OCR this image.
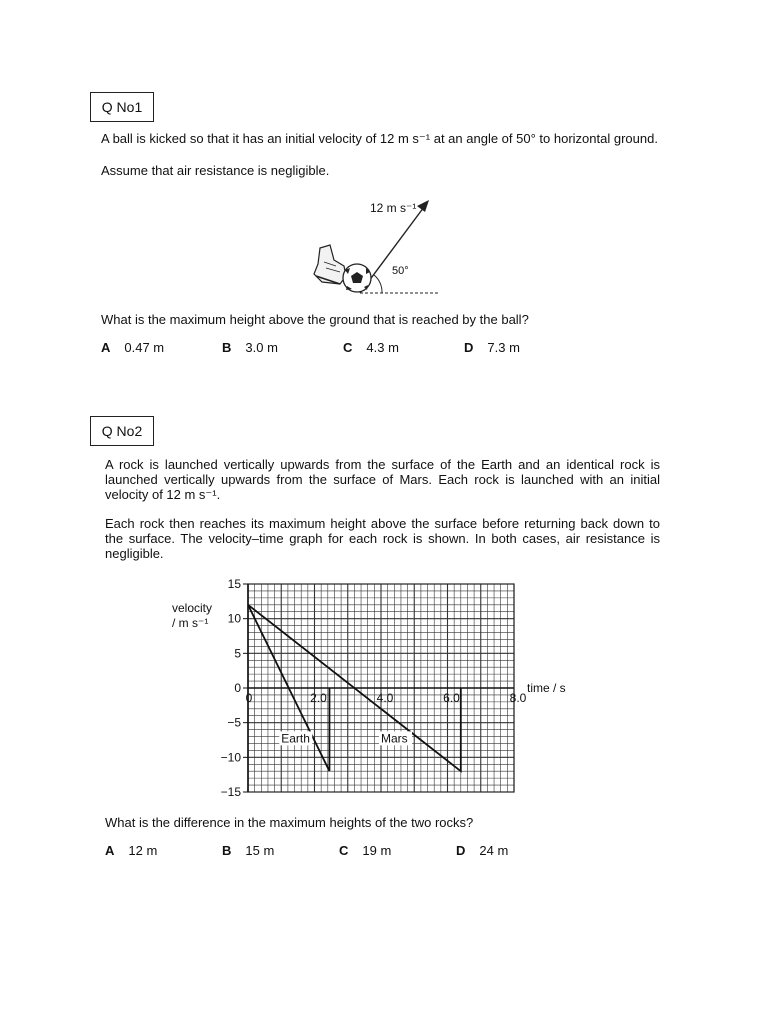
Q No1
A ball is kicked so that it has an initial velocity of 12 m s⁻¹ at an angle of 50° to horizontal ground.
Assume that air resistance is negligible.
12 m s⁻¹
50°
A 0.47 m	B 3.0 m	C 4.3 m	D 7.3 m
What is the maximum height above the ground that is reached by the ball?
Q No2
A rock is launched vertically upwards from the surface of the Earth and an identical rock is launched vertically upwards from the surface of Mars. Each rock is launched with an initial velocity of 12 m s⁻¹.
Each rock then reaches its maximum height above the surface before returning back down to the surface. The velocity–time graph for each rock is shown. In both cases, air resistance is negligible.
15
10
5
0
−5
−10
−15
0	2.0	4.0	6.0	8.0
velocity
/ m s⁻¹
time / s
Earth	Mars
What is the difference in the maximum heights of the two rocks?
A 12 m	B 15 m	C 19 m	D 24 m
